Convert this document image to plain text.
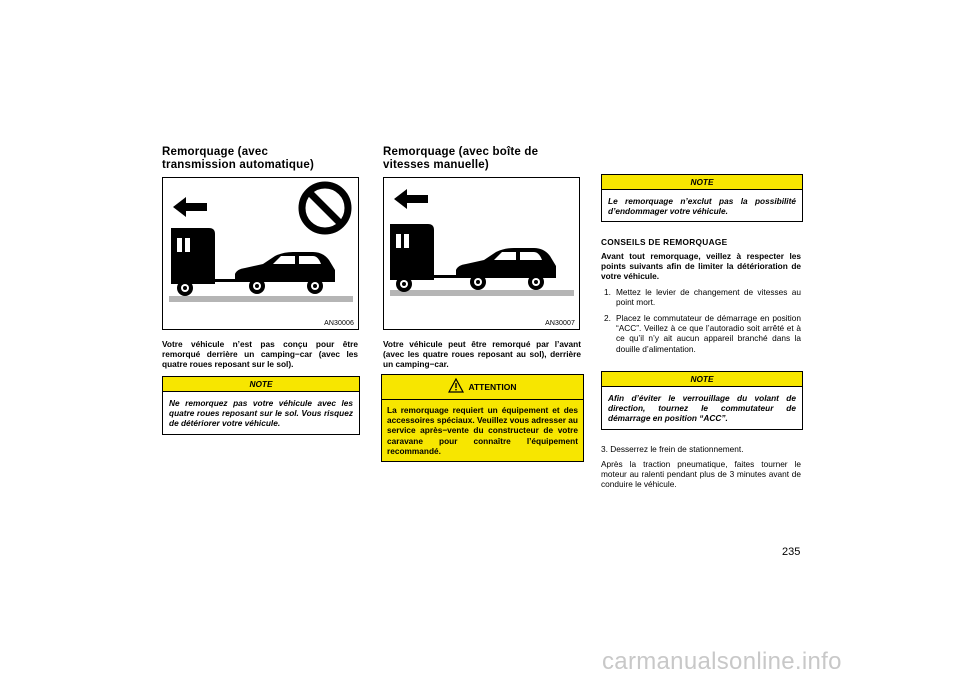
Remorquage (avec
transmission automatique)
AN30006
Votre véhicule n’est pas conçu pour être remorqué derrière un camping−car (avec les quatre roues reposant sur le sol).
NOTE
Ne remorquez pas votre véhicule avec les quatre roues reposant sur le sol. Vous risquez de détériorer votre véhicule.
Remorquage (avec boîte de
vitesses manuelle)
AN30007
Votre véhicule peut être remorqué par l’avant (avec les quatre roues reposant au sol), derrière un camping−car.
ATTENTION
La remorquage requiert un équipement et des accessoires spéciaux. Veuillez vous adresser au service après−vente du constructeur de votre caravane pour connaître l’équipement recommandé.
NOTE
Le remorquage n’exclut pas la possibilité d’endommager votre véhicule.
CONSEILS DE REMORQUAGE
Avant tout remorquage, veillez à respecter les points suivants afin de limiter la détérioration de votre véhicule.
1. Mettez le levier de changement de vitesses au point mort.
2. Placez le commutateur de démarrage en position “ACC”. Veillez à ce que l’autoradio soit arrêté et à ce qu’il n’y ait aucun appareil branché dans la douille d’alimentation.
NOTE
Afin d’éviter le verrouillage du volant de direction, tournez le commutateur de démarrage en position “ACC”.
3. Desserrez le frein de stationnement.
Après la traction pneumatique, faites tourner le moteur au ralenti pendant plus de 3 minutes avant de conduire le véhicule.
235
carmanualsonline.info
